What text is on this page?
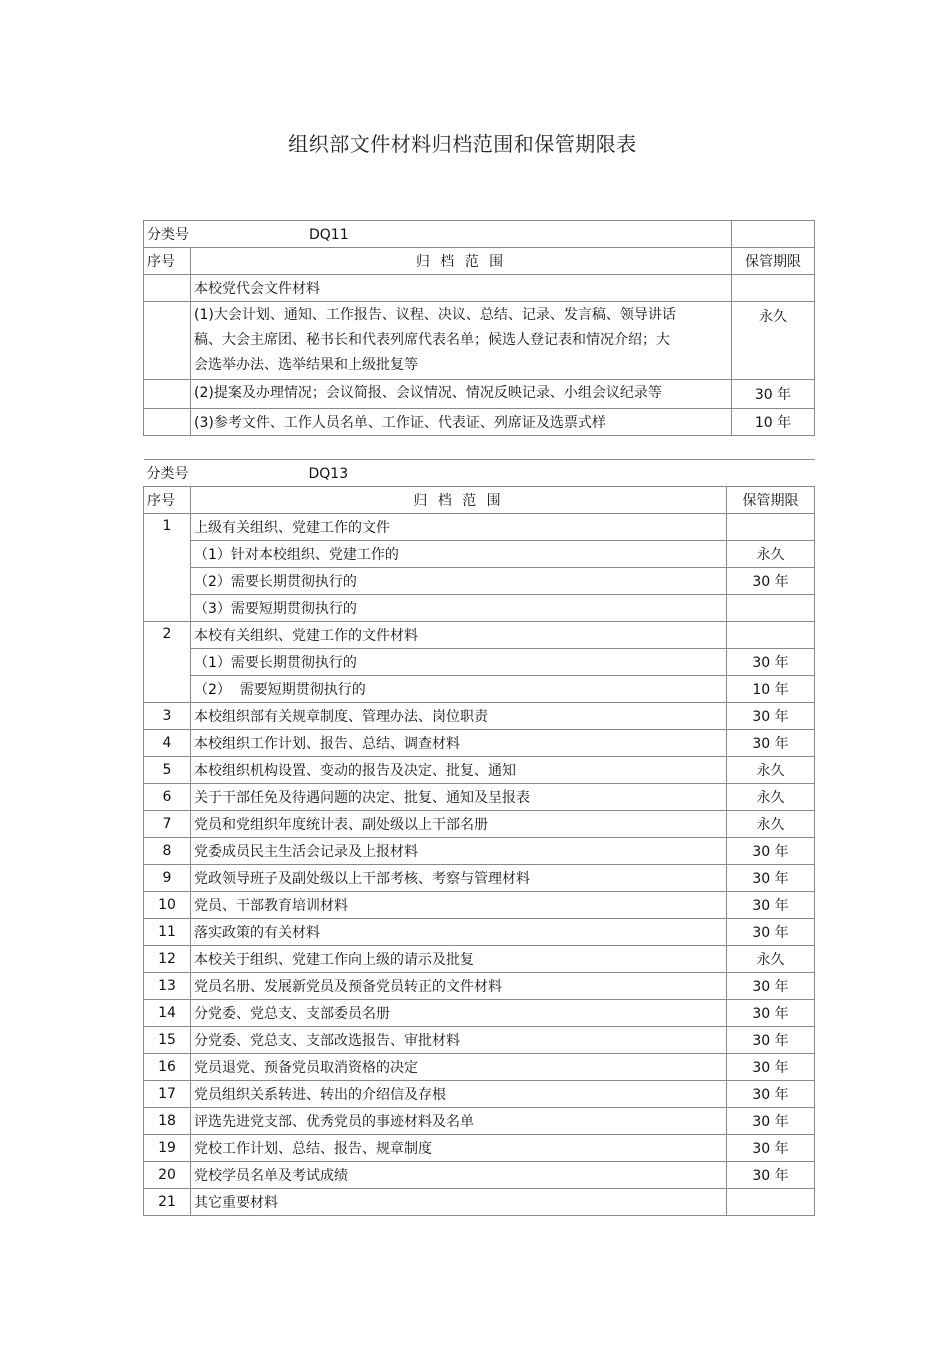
组织部文件材料归档范围和保管期限表
分类号 DQ11		
序号	归 档 范 围	保管期限
	本校党代会文件材料	
	(1)大会计划、通知、工作报告、议程、决议、总结、记录、发言稿、领导讲话稿、大会主席团、秘书长和代表列席代表名单；候选人登记表和情况介绍；大会选举办法、选举结果和上级批复等	永久
	(2)提案及办理情况；会议简报、会议情况、情况反映记录、小组会议纪录等	30 年
	(3)参考文件、工作人员名单、工作证、代表证、列席证及选票式样	10 年
分类号 DQ13		
序号	归 档 范 围	保管期限
1	上级有关组织、党建工作的文件	
	（1）针对本校组织、党建工作的	永久
	（2）需要长期贯彻执行的	30 年
	（3）需要短期贯彻执行的	
2	本校有关组织、党建工作的文件材料	
	（1）需要长期贯彻执行的	30 年
	（2）  需要短期贯彻执行的	10 年
3	本校组织部有关规章制度、管理办法、岗位职责	30 年
4	本校组织工作计划、报告、总结、调查材料	30 年
5	本校组织机构设置、变动的报告及决定、批复、通知	永久
6	关于干部任免及待遇问题的决定、批复、通知及呈报表	永久
7	党员和党组织年度统计表、副处级以上干部名册	永久
8	党委成员民主生活会记录及上报材料	30 年
9	党政领导班子及副处级以上干部考核、考察与管理材料	30 年
10	党员、干部教育培训材料	30 年
11	落实政策的有关材料	30 年
12	本校关于组织、党建工作向上级的请示及批复	永久
13	党员名册、发展新党员及预备党员转正的文件材料	30 年
14	分党委、党总支、支部委员名册	30 年
15	分党委、党总支、支部改选报告、审批材料	30 年
16	党员退党、预备党员取消资格的决定	30 年
17	党员组织关系转进、转出的介绍信及存根	30 年
18	评选先进党支部、优秀党员的事迹材料及名单	30 年
19	党校工作计划、总结、报告、规章制度	30 年
20	党校学员名单及考试成绩	30 年
21	其它重要材料	
